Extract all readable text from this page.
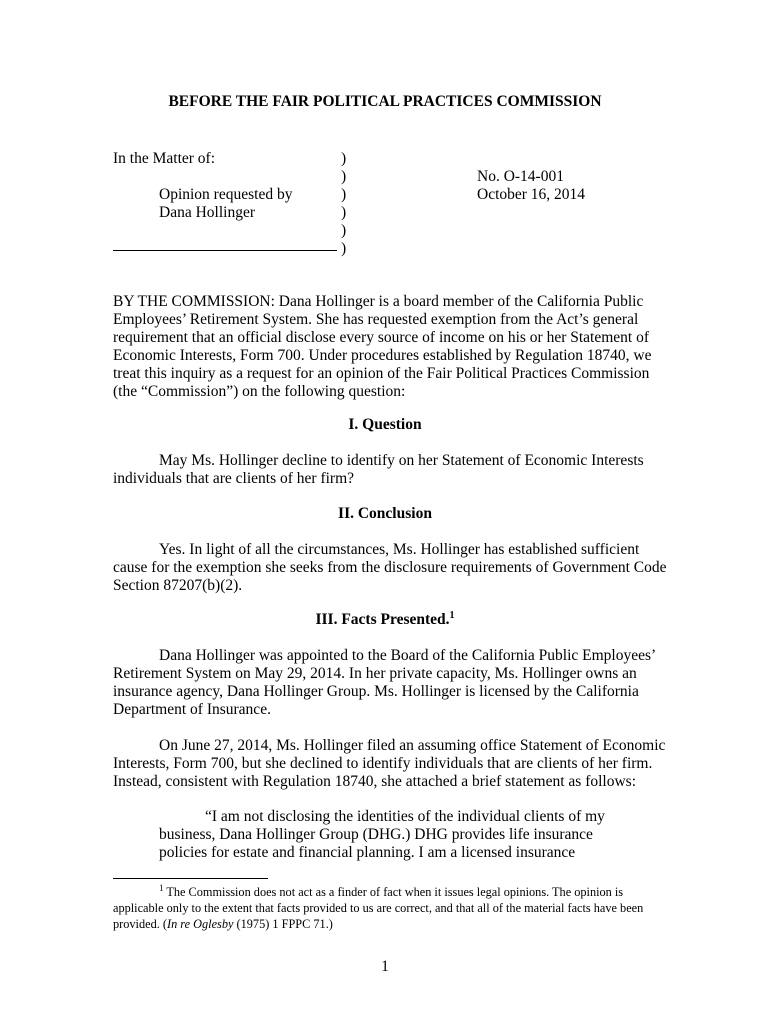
BEFORE THE FAIR POLITICAL PRACTICES COMMISSION
In the Matter of:
Opinion requested by
Dana Hollinger
)
)
)
)
)
)
No. O-14-001
October 16, 2014
BY THE COMMISSION: Dana Hollinger is a board member of the California Public
Employees’ Retirement System. She has requested exemption from the Act’s general
requirement that an official disclose every source of income on his or her Statement of
Economic Interests, Form 700. Under procedures established by Regulation 18740, we
treat this inquiry as a request for an opinion of the Fair Political Practices Commission
(the “Commission”) on the following question:
I. Question
May Ms. Hollinger decline to identify on her Statement of Economic Interests
individuals that are clients of her firm?
II. Conclusion
Yes. In light of all the circumstances, Ms. Hollinger has established sufficient
cause for the exemption she seeks from the disclosure requirements of Government Code
Section 87207(b)(2).
III. Facts Presented.$^1$
Dana Hollinger was appointed to the Board of the California Public Employees’
Retirement System on May 29, 2014. In her private capacity, Ms. Hollinger owns an
insurance agency, Dana Hollinger Group. Ms. Hollinger is licensed by the California
Department of Insurance.
On June 27, 2014, Ms. Hollinger filed an assuming office Statement of Economic
Interests, Form 700, but she declined to identify individuals that are clients of her firm.
Instead, consistent with Regulation 18740, she attached a brief statement as follows:
“I am not disclosing the identities of the individual clients of my
business, Dana Hollinger Group (DHG.) DHG provides life insurance
policies for estate and financial planning. I am a licensed insurance
$^1$ The Commission does not act as a finder of fact when it issues legal opinions. The opinion is
applicable only to the extent that facts provided to us are correct, and that all of the material facts have been
provided. (In re Oglesby (1975) 1 FPPC 71.)
1
